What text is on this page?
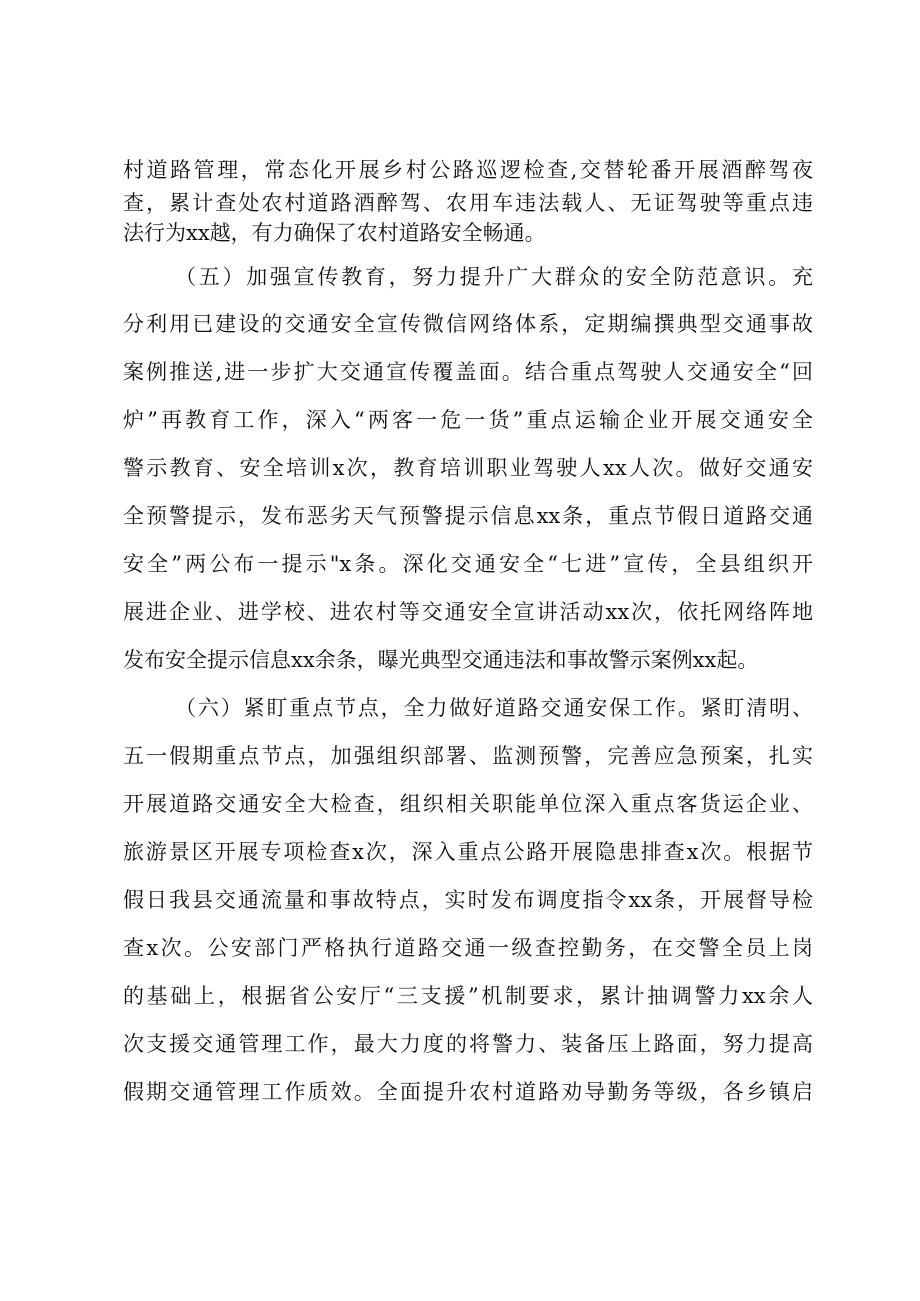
村道路管理，常态化开展乡村公路巡逻检查,交替轮番开展酒醉驾夜
查，累计查处农村道路酒醉驾、农用车违法载人、无证驾驶等重点违
法行为xx越，有力确保了农村道路安全畅通。
（五）加强宣传教育，努力提升广大群众的安全防范意识。充
分利用已建设的交通安全宣传微信网络体系，定期编撰典型交通事故
案例推送,进一步扩大交通宣传覆盖面。结合重点驾驶人交通安全“回
炉”再教育工作，深入“两客一危一货”重点运输企业开展交通安全
警示教育、安全培训x次，教育培训职业驾驶人xx人次。做好交通安
全预警提示，发布恶劣天气预警提示信息xx条，重点节假日道路交通
安全”两公布一提示"x条。深化交通安全“七进”宣传，全县组织开
展进企业、进学校、进农村等交通安全宣讲活动xx次，依托网络阵地
发布安全提示信息xx余条，曝光典型交通违法和事故警示案例xx起。
（六）紧盯重点节点，全力做好道路交通安保工作。紧盯清明、
五一假期重点节点，加强组织部署、监测预警，完善应急预案，扎实
开展道路交通安全大检查，组织相关职能单位深入重点客货运企业、
旅游景区开展专项检查x次，深入重点公路开展隐患排查x次。根据节
假日我县交通流量和事故特点，实时发布调度指令xx条，开展督导检
查x次。公安部门严格执行道路交通一级查控勤务，在交警全员上岗
的基础上，根据省公安厅“三支援”机制要求，累计抽调警力xx余人
次支援交通管理工作，最大力度的将警力、装备压上路面，努力提高
假期交通管理工作质效。全面提升农村道路劝导勤务等级，各乡镇启
